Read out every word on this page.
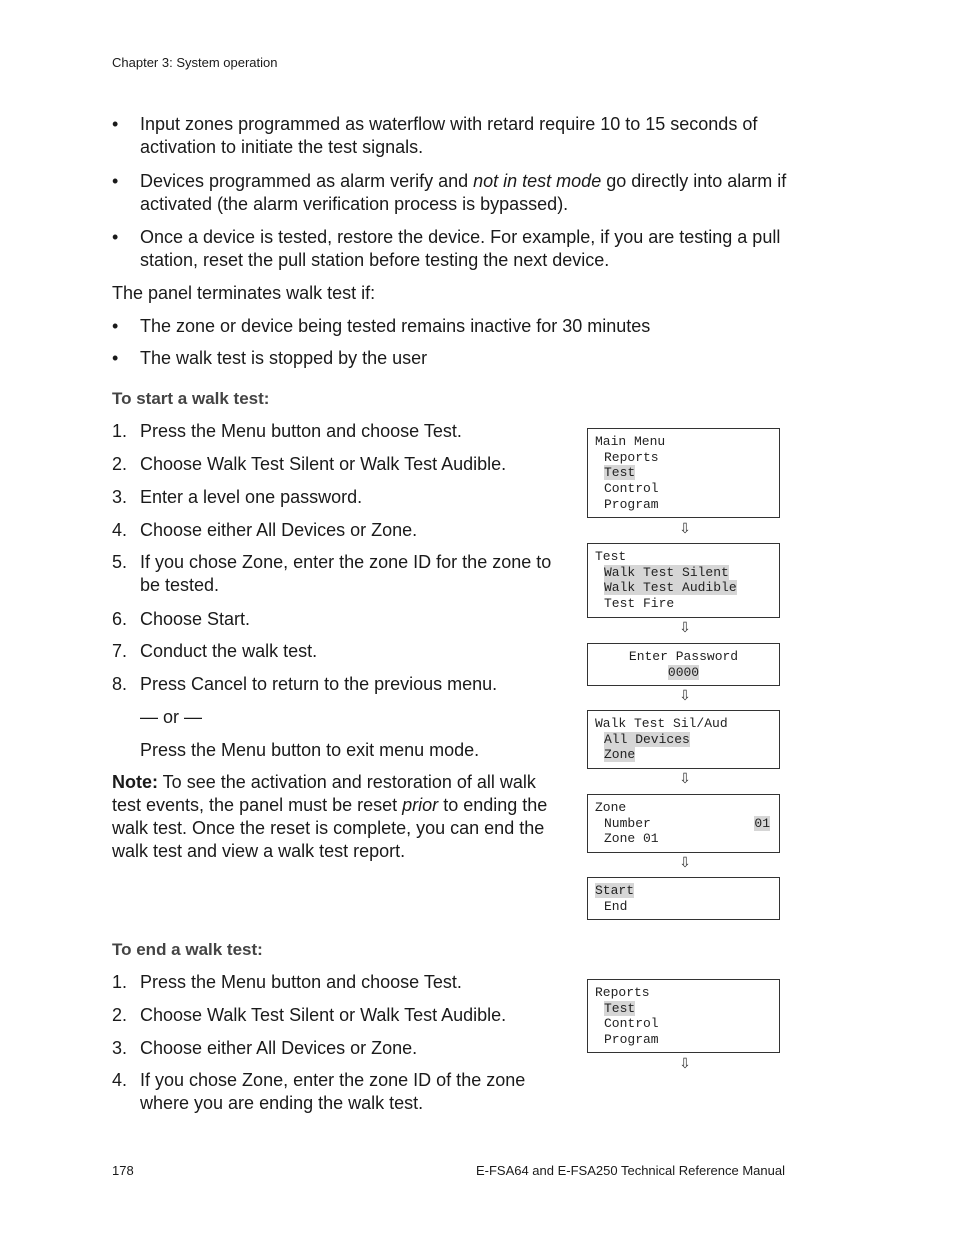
Chapter 3: System operation
• Input zones programmed as waterflow with retard require 10 to 15 seconds of activation to initiate the test signals.
• Devices programmed as alarm verify and not in test mode go directly into alarm if activated (the alarm verification process is bypassed).
• Once a device is tested, restore the device. For example, if you are testing a pull station, reset the pull station before testing the next device.
The panel terminates walk test if:
• The zone or device being tested remains inactive for 30 minutes
• The walk test is stopped by the user
To start a walk test:
1. Press the Menu button and choose Test.
2. Choose Walk Test Silent or Walk Test Audible.
3. Enter a level one password.
4. Choose either All Devices or Zone.
5. If you chose Zone, enter the zone ID for the zone to be tested.
6. Choose Start.
7. Conduct the walk test.
8. Press Cancel to return to the previous menu.
— or —
Press the Menu button to exit menu mode.
Note: To see the activation and restoration of all walk test events, the panel must be reset prior to ending the walk test. Once the reset is complete, you can end the walk test and view a walk test report.
To end a walk test:
1. Press the Menu button and choose Test.
2. Choose Walk Test Silent or Walk Test Audible.
3. Choose either All Devices or Zone.
4. If you chose Zone, enter the zone ID of the zone where you are ending the walk test.
Main Menu
Reports
Test
Control
Program
⇩
Test
Walk Test Silent
Walk Test Audible
Test Fire
⇩
Enter Password
0000
⇩
Walk Test Sil/Aud
All Devices
Zone
⇩
Zone
Number	01
Zone 01
⇩
Start
End
Reports
Test
Control
Program
⇩
178	E-FSA64 and E-FSA250 Technical Reference Manual
